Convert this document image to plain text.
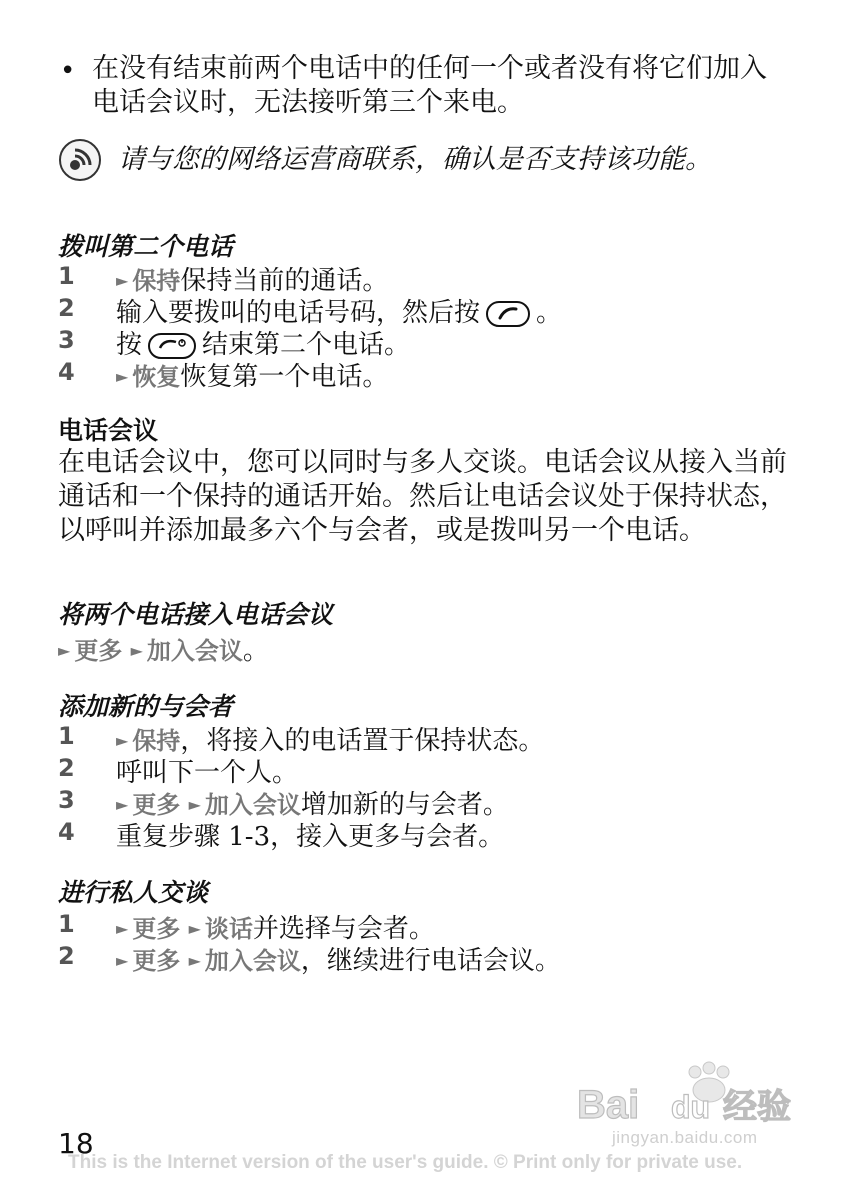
• 在没有结束前两个电话中的任何一个或者没有将它们加入电话会议时，无法接听第三个来电。
请与您的网络运营商联系，确认是否支持该功能。
拨叫第二个电话
1	► 保持保持当前的通话。
2	输入要拨叫的电话号码，然后按 。
3	按 结束第二个电话。
4	► 恢复恢复第一个电话。
电话会议
在电话会议中，您可以同时与多人交谈。电话会议从接入当前通话和一个保持的通话开始。然后让电话会议处于保持状态，以呼叫并添加最多六个与会者，或是拨叫另一个电话。
将两个电话接入电话会议
► 更多 ► 加入会议。
添加新的与会者
1	► 保持，将接入的电话置于保持状态。
2	呼叫下一个人。
3	► 更多 ► 加入会议增加新的与会者。
4	重复步骤 1-3，接入更多与会者。
进行私人交谈
1	► 更多 ► 谈话并选择与会者。
2	► 更多 ► 加入会议，继续进行电话会议。
Bai du 经验
jingyan.baidu.com
18
This is the Internet version of the user's guide. © Print only for private use.
